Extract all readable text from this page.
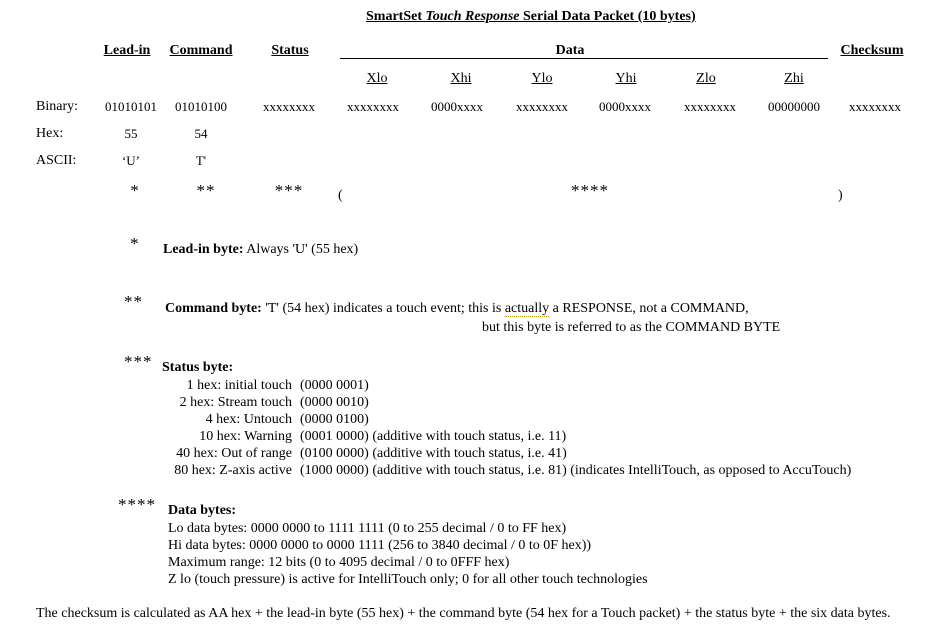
SmartSet Touch Response Serial Data Packet (10 bytes)
Lead-in	Command	Status	Data	Checksum
Xlo	Xhi	Ylo	Yhi	Zlo	Zhi
Binary:	01010101	01010100	xxxxxxxx	xxxxxxxx	0000xxxx	xxxxxxxx	0000xxxx	xxxxxxxx	00000000	xxxxxxxx
Hex:	55	54
ASCII:	‘U’	T'
*	**	***	(	****	)
* Lead-in byte: Always 'U' (55 hex)
** Command byte: 'T' (54 hex) indicates a touch event; this is actually a RESPONSE, not a COMMAND,
but this byte is referred to as the COMMAND BYTE
*** Status byte:
1 hex: initial touch (0000 0001)
2 hex: Stream touch (0000 0010)
4 hex: Untouch (0000 0100)
10 hex: Warning (0001 0000) (additive with touch status, i.e. 11)
40 hex: Out of range (0100 0000) (additive with touch status, i.e. 41)
80 hex: Z-axis active (1000 0000) (additive with touch status, i.e. 81) (indicates IntelliTouch, as opposed to AccuTouch)
**** Data bytes:
Lo data bytes: 0000 0000 to 1111 1111 (0 to 255 decimal / 0 to FF hex)
Hi data bytes: 0000 0000 to 0000 1111 (256 to 3840 decimal / 0 to 0F hex))
Maximum range: 12 bits (0 to 4095 decimal / 0 to 0FFF hex)
Z lo (touch pressure) is active for IntelliTouch only; 0 for all other touch technologies
The checksum is calculated as AA hex + the lead-in byte (55 hex) + the command byte (54 hex for a Touch packet) + the status byte + the six data bytes.
